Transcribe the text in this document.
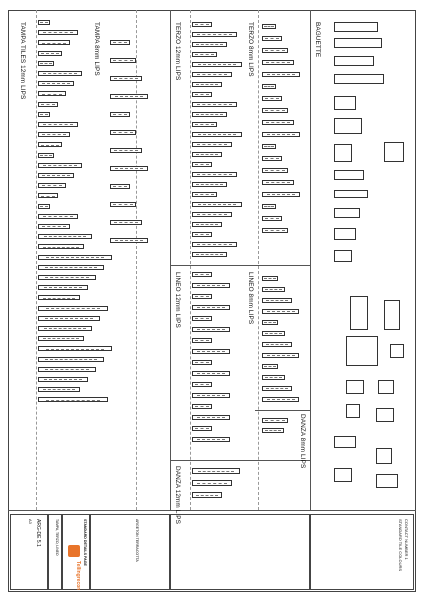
TAMPA TILES 12mm LIPS	TAMPA 8mm LIPS	TERZO 12mm LIPS	TERZO 8mm LIPS
LINEO 12mm LIPS	LINEO 8mm LIPS
DANZA 8mm LIPS
DANZA 12mm LIPS
BAGUETTE
ARG-DE 5.1
A3	TAMPA, TERZO, LINEO	STANDARD DETAILS PAGE
Tellingrecon
ARGETON TERRACOTTA	CONTACT NUMBER 1
STANDARD TILE COLOURS
